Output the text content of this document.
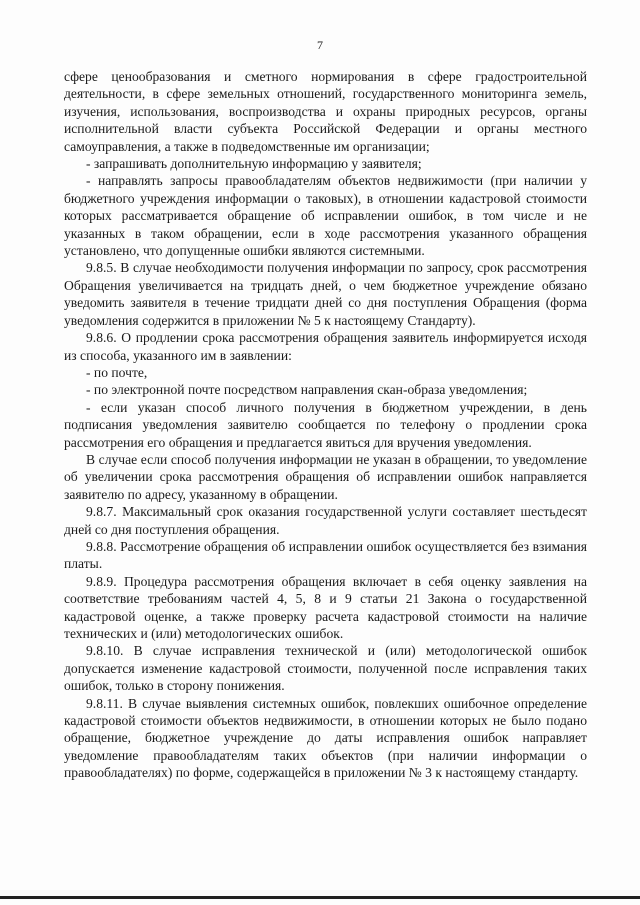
7

сфере ценообразования и сметного нормирования в сфере градостроительной деятельности, в сфере земельных отношений, государственного мониторинга земель, изучения, использования, воспроизводства и охраны природных ресурсов, органы исполнительной власти субъекта Российской Федерации и органы местного самоуправления, а также в подведомственные им организации;

- запрашивать дополнительную информацию у заявителя;

- направлять запросы правообладателям объектов недвижимости (при наличии у бюджетного учреждения информации о таковых), в отношении кадастровой стоимости которых рассматривается обращение об исправлении ошибок, в том числе и не указанных в таком обращении, если в ходе рассмотрения указанного обращения установлено, что допущенные ошибки являются системными.

9.8.5. В случае необходимости получения информации по запросу, срок рассмотрения Обращения увеличивается на тридцать дней, о чем бюджетное учреждение обязано уведомить заявителя в течение тридцати дней со дня поступления Обращения (форма уведомления содержится в приложении № 5 к настоящему Стандарту).

9.8.6. О продлении срока рассмотрения обращения заявитель информируется исходя из способа, указанного им в заявлении:

- по почте,

- по электронной почте посредством направления скан-образа уведомления;

- если указан способ личного получения в бюджетном учреждении, в день подписания уведомления заявителю сообщается по телефону о продлении срока рассмотрения его обращения и предлагается явиться для вручения уведомления.

В случае если способ получения информации не указан в обращении, то уведомление об увеличении срока рассмотрения обращения об исправлении ошибок направляется заявителю по адресу, указанному в обращении.

9.8.7. Максимальный срок оказания государственной услуги составляет шестьдесят дней со дня поступления обращения.

9.8.8. Рассмотрение обращения об исправлении ошибок осуществляется без взимания платы.

9.8.9. Процедура рассмотрения обращения включает в себя оценку заявления на соответствие требованиям частей 4, 5, 8 и 9 статьи 21 Закона о государственной кадастровой оценке, а также проверку расчета кадастровой стоимости на наличие технических и (или) методологических ошибок.

9.8.10. В случае исправления технической и (или) методологической ошибок допускается изменение кадастровой стоимости, полученной после исправления таких ошибок, только в сторону понижения.

9.8.11. В случае выявления системных ошибок, повлекших ошибочное определение кадастровой стоимости объектов недвижимости, в отношении которых не было подано обращение, бюджетное учреждение до даты исправления ошибок направляет уведомление правообладателям таких объектов (при наличии информации о правообладателях) по форме, содержащейся в приложении № 3 к настоящему стандарту.
